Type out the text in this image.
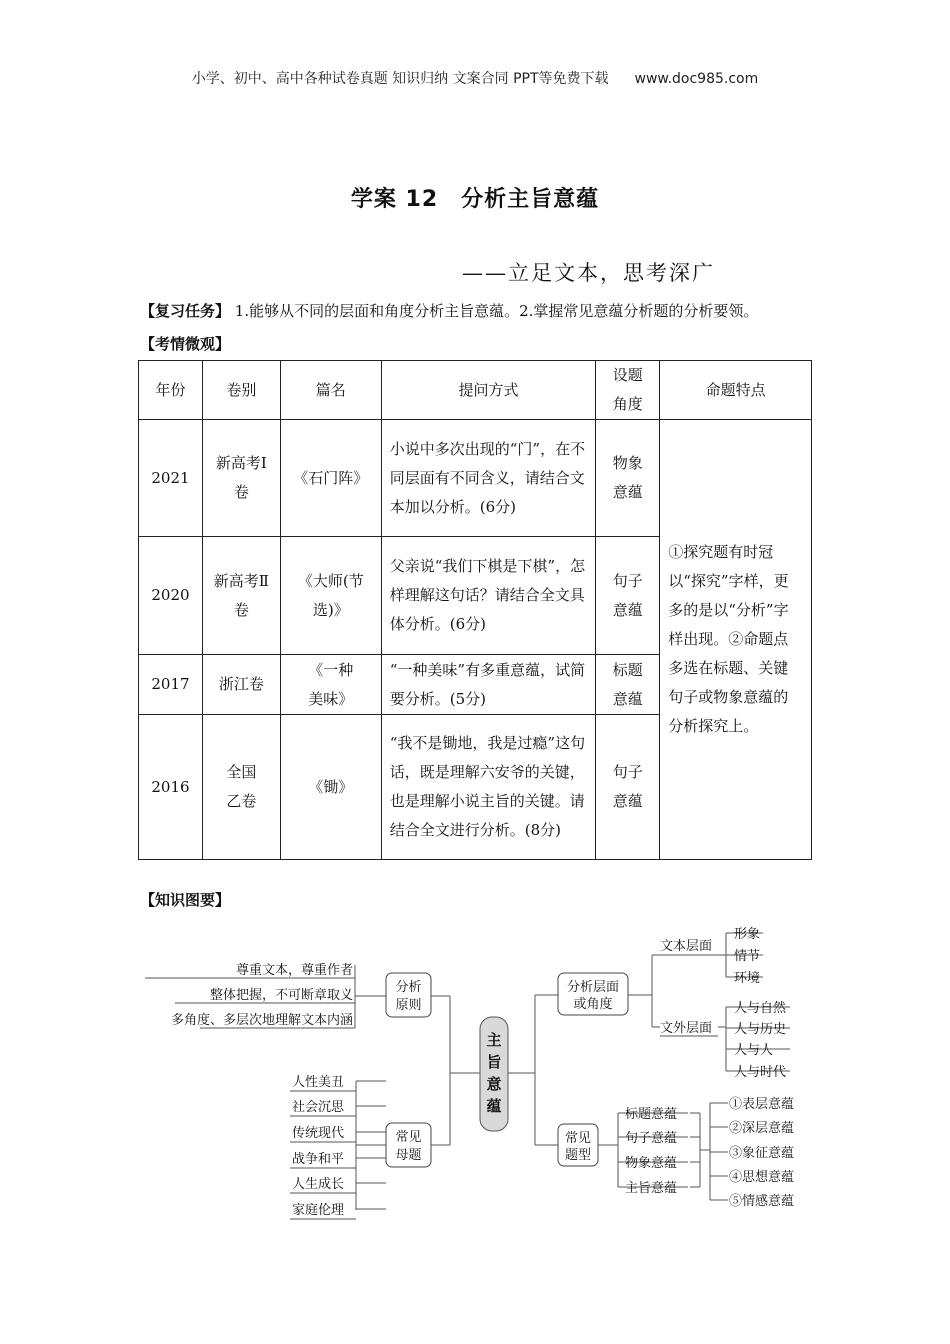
小学、初中、高中各种试卷真题 知识归纳 文案合同 PPT等免费下载 www.doc985.com
学案 12　分析主旨意蕴
——立足文本，思考深广
【复习任务】 1.能够从不同的层面和角度分析主旨意蕴。2.掌握常见意蕴分析题的分析要领。
【考情微观】
年份	卷别	篇名	提问方式	设题角度	命题特点
2021	新高考Ⅰ卷	《石门阵》	小说中多次出现的“门”，在不同层面有不同含义，请结合文本加以分析。(6分)	物象意蕴	①探究题有时冠以“探究”字样，更多的是以“分析”字样出现。②命题点多选在标题、关键句子或物象意蕴的分析探究上。
2020	新高考Ⅱ卷	《大师(节选)》	父亲说“我们下棋是下棋”，怎样理解这句话？请结合全文具体分析。(6分)	句子意蕴	
2017	浙江卷	《一种美味》	“一种美味”有多重意蕴，试简要分析。(5分)	标题意蕴	
2016	全国乙卷	《锄》	“我不是锄地，我是过瘾”这句话，既是理解六安爷的关键，也是理解小说主旨的关键。请结合全文进行分析。(8分)	句子意蕴	
【知识图要】
尊重文本，尊重作者
整体把握，不可断章取义
多角度、多层次地理解文本内涵
分析
原则
人性美丑
社会沉思
传统现代
战争和平
人生成长
家庭伦理
常见
母题
主
旨
意
蕴
分析层面
或角度
文本层面
文外层面
形象
情节
环境
人与自然
人与历史
人与人
人与时代
常见
题型
标题意蕴
句子意蕴
物象意蕴
主旨意蕴
①表层意蕴
②深层意蕴
③象征意蕴
④思想意蕴
⑤情感意蕴
